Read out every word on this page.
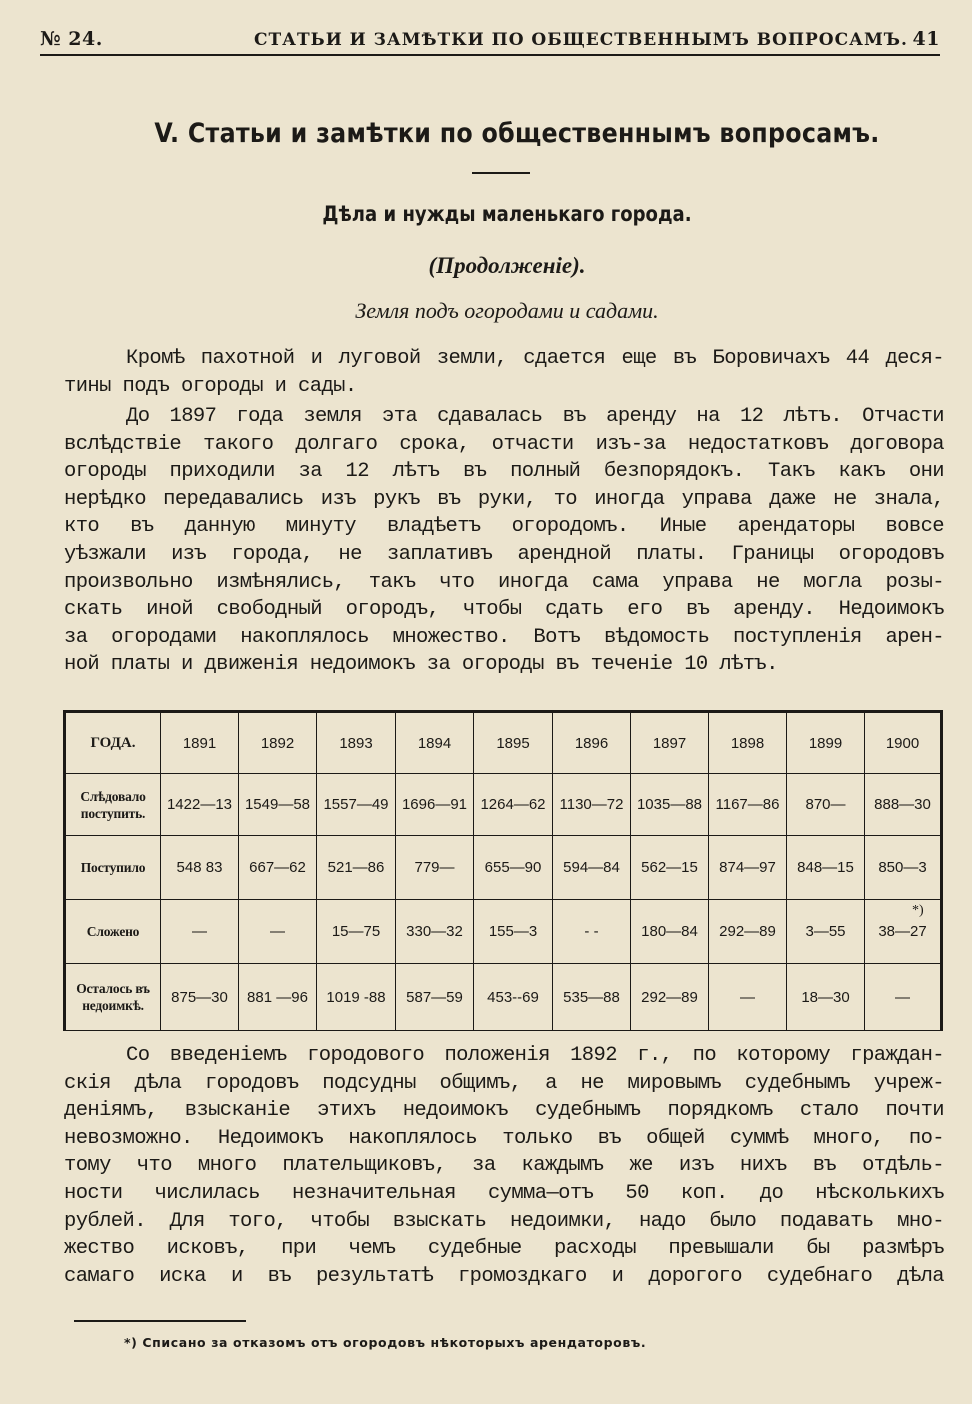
№ 24.	СТАТЬИ И ЗАМѢТКИ ПО ОБЩЕСТВЕННЫМЪ ВОПРОСАМЪ. 41
V. Статьи и замѣтки по общественнымъ вопросамъ.
Дѣла и нужды маленькаго города.
(Продолженіе).
Земля подъ огородами и садами.
Кромѣ пахотной и луговой земли, сдается еще въ Боровичахъ 44 деся-
тины подъ огороды и сады.
До 1897 года земля эта сдавалась въ аренду на 12 лѣтъ. Отчасти
вслѣдствіе такого долгаго срока, отчасти изъ-за недостатковъ договора
огороды приходили за 12 лѣтъ въ полный безпорядокъ. Такъ какъ они
нерѣдко передавались изъ рукъ въ руки, то иногда управа даже не знала,
кто въ данную минуту владѣетъ огородомъ. Иные арендаторы вовсе
уѣзжали изъ города, не заплативъ арендной платы. Границы огородовъ
произвольно измѣнялись, такъ что иногда сама управа не могла розы-
скать иной свободный огородъ, чтобы сдать его въ аренду. Недоимокъ
за огородами накоплялось множество. Вотъ вѣдомость поступленія арен-
ной платы и движенія недоимокъ за огороды въ теченіе 10 лѣтъ.
ГОДА.	1891	1892	1893	1894	1895	1896	1897	1898	1899	1900
Слѣдовало поступить.	1422—13	1549—58	1557—49	1696—91	1264—62	1130—72	1035—88	1167—86	870—	888—30
Поступило	548 83	667—62	521—86	779—	655—90	594—84	562—15	874—97	848—15	850—3
Сложено	—	—	15—75	330—32	155—3	- -	180—84	292—89	3—55	38—27
Осталось въ недоимкѣ.	875—30	881 —96	1019 -88	587—59	453--69	535—88	292—89	—	18—30	—
*)
Со введеніемъ городового положенія 1892 г., по которому граждан-
скія дѣла городовъ подсудны общимъ, а не мировымъ судебнымъ учреж-
деніямъ, взысканіе этихъ недоимокъ судебнымъ порядкомъ стало почти
невозможно. Недоимокъ накоплялось только въ общей суммѣ много, по-
тому что много плательщиковъ, за каждымъ же изъ нихъ въ отдѣль-
ности числилась незначительная сумма—отъ 50 коп. до нѣсколькихъ
рублей. Для того, чтобы взыскать недоимки, надо было подавать мно-
жество исковъ, при чемъ судебные расходы превышали бы размѣръ
самаго иска и въ результатѣ громоздкаго и дорогого судебнаго дѣла
*) Списано за отказомъ отъ огородовъ нѣкоторыхъ арендаторовъ.
